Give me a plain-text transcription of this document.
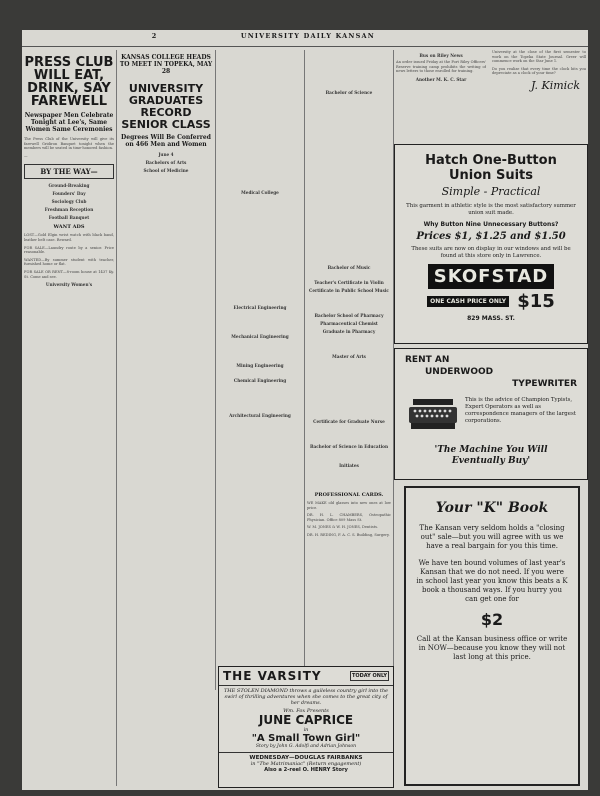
2	UNIVERSITY DAILY KANSAN
PRESS CLUB WILL EAT, DRINK, SAY FAREWELL
Newspaper Men Celebrate Tonight at Lee's, Same Women Same Ceremonies

The Press Club of the University will give its farewell Gridiron Banquet tonight when the members will be seated in time-honored fashion.

—

BY THE WAY—
Ground-Breaking
Founders' Day
Sociology Club
Freshman Reception
Football Banquet
WANT ADS

LOST—Gold Elgin wrist watch with black band, leather belt case. Reward.

FOR SALE—Laundry route by a senior. Price reasonable.

WANTED—By summer student with teacher, furnished home or flat.

FOR SALE OR RENT—8-room house at 1437 Ky. St. Come and see.

University Women's
KANSAS COLLEGE HEADS TO MEET IN TOPEKA, MAY 28
UNIVERSITY GRADUATES RECORD SENIOR CLASS
Degrees Will Be Conferred on 466 Men and Women
June 4
Bachelors of Arts
School of Medicine
Medical College
Electrical Engineering
Mechanical Engineering
Mining Engineering
Chemical Engineering
Architectural Engineering
Bachelor of Science
Bachelor of Music
Teacher's Certificate in Violin
Certificate in Public School Music
Bachelor School of Pharmacy
Pharmaceutical Chemist
Graduate in Pharmacy
Master of Arts
Certificate for Graduate Nurse
Bachelor of Science in Education
Initiates
PROFESSIONAL CARDS.

WE MAKE old glasses into new ones at low price.

DR. H. L. CHAMBERS, Osteopathic Physician. Office 809 Mass St.

W. M. JONES & W. H. JONES, Dentists.

DR. H. REDING, F. A. C. S. Building, Surgery.

THE VARSITY	TODAY ONLY

THE STOLEN DIAMOND throws a guileless country girl into the swirl of thrilling adventures when she comes to the great city of her dreams.

Wm. Fox Presents

JUNE CAPRICE

in

"A Small Town Girl"

Story by John G. Adolfi and Adrian Johnson

WEDNESDAY—DOUGLAS FAIRBANKS

in "The Matrimaniac" (Return engagement)

Also a 2-reel O. HENRY Story

Bus on Riley News

An order issued Friday at the Fort Riley Officers' Reserve training camp prohibits the writing of news letters to those enrolled for training.

Another M. K. C. Star

University at the close of the first semester to work on the Topeka State Journal. Greer will commence work on the Star June 1.

Do you realize that every time the clock hits you depreciate as a clock of your time?

J. Kimick

Hatch One-Button

Union Suits

Simple - Practical

This garment in athletic style is the most satisfactory summer union suit made.

Why Button Nine Unnecessary Buttons?

Prices $1, $1.25 and $1.50

These suits are now on display in our windows and will be found at this store only in Lawrence.

SKOFSTAD
ONE CASH PRICE ONLY $15

829 MASS. ST.

RENT AN

UNDERWOOD

TYPEWRITER

This is the advice of Champion Typists, Expert Operators as well as correspondence managers of the largest corporations.

'The Machine You Will Eventually Buy'

Your "K" Book

The Kansan very seldom holds a "closing out" sale—but you will agree with us we have a real bargain for you this time.

We have ten bound volumes of last year's Kansan that we do not need. If you were in school last year you know this beats a K book a thousand ways. If you hurry you can get one for

$2

Call at the Kansan business office or write in NOW—because you know they will not last long at this price.
